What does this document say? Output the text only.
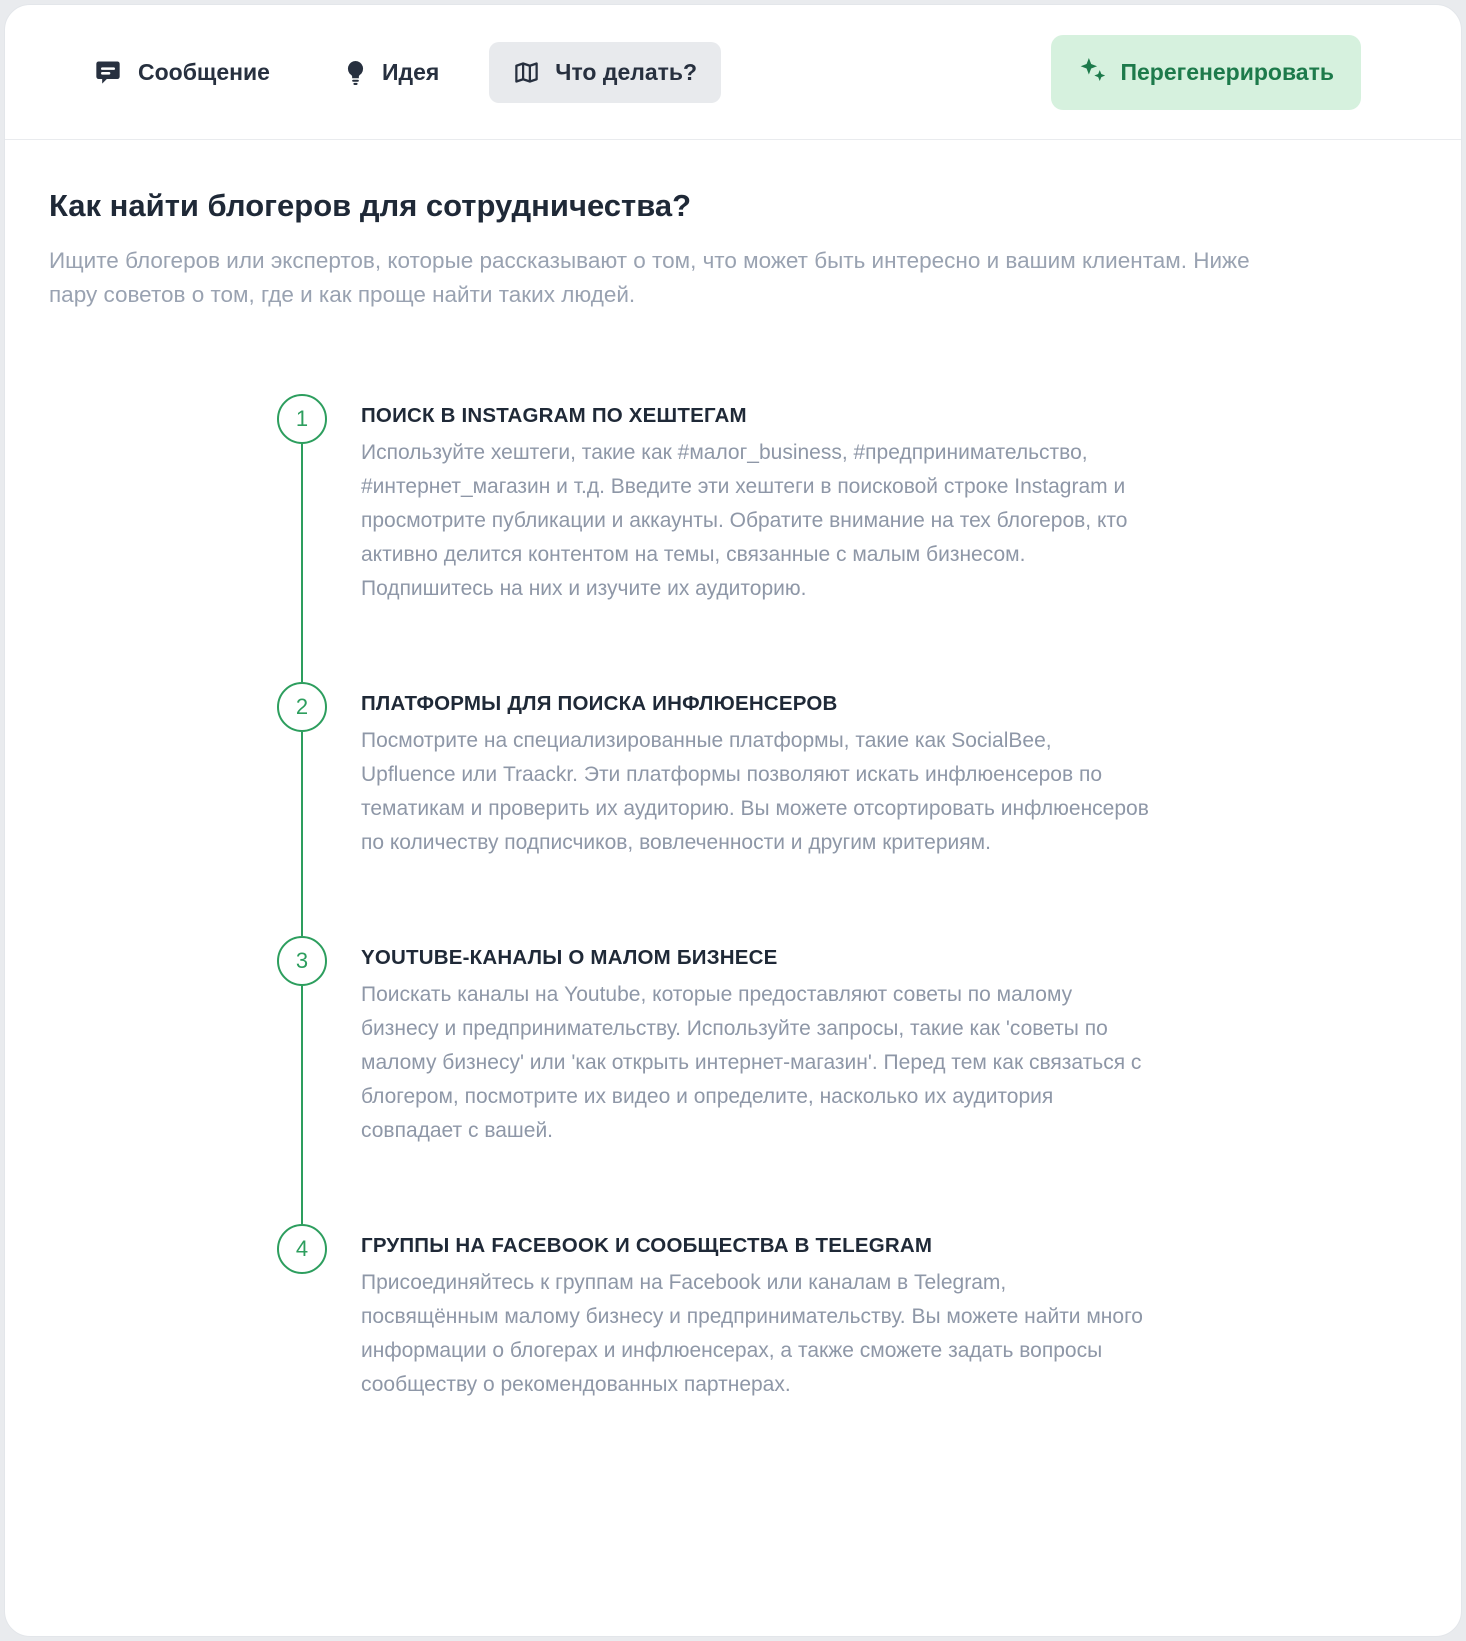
Сообщение	Идея	Что делать?	Перегенерировать
Как найти блогеров для сотрудничества?

Ищите блогеров или экспертов, которые рассказывают о том, что может быть интересно и вашим клиентам. Ниже пару советов о том, где и как проще найти таких людей.

1	ПОИСК В INSTAGRAM ПО ХЕШТЕГАМ

Используйте хештеги, такие как #малог_business, #предпринимательство, #интернет_магазин и т.д. Введите эти хештеги в поисковой строке Instagram и просмотрите публикации и аккаунты. Обратите внимание на тех блогеров, кто активно делится контентом на темы, связанные с малым бизнесом. Подпишитесь на них и изучите их аудиторию.

2	ПЛАТФОРМЫ ДЛЯ ПОИСКА ИНФЛЮЕНСЕРОВ

Посмотрите на специализированные платформы, такие как SocialBee, Upfluence или Traackr. Эти платформы позволяют искать инфлюенсеров по тематикам и проверить их аудиторию. Вы можете отсортировать инфлюенсеров по количеству подписчиков, вовлеченности и другим критериям.

3	YOUTUBE-КАНАЛЫ О МАЛОМ БИЗНЕСЕ

Поискать каналы на Youtube, которые предоставляют советы по малому бизнесу и предпринимательству. Используйте запросы, такие как 'советы по малому бизнесу' или 'как открыть интернет-магазин'. Перед тем как связаться с блогером, посмотрите их видео и определите, насколько их аудитория совпадает с вашей.

4	ГРУППЫ НА FACEBOOK И СООБЩЕСТВА В TELEGRAM

Присоединяйтесь к группам на Facebook или каналам в Telegram, посвящённым малому бизнесу и предпринимательству. Вы можете найти много информации о блогерах и инфлюенсерах, а также сможете задать вопросы сообществу о рекомендованных партнерах.
